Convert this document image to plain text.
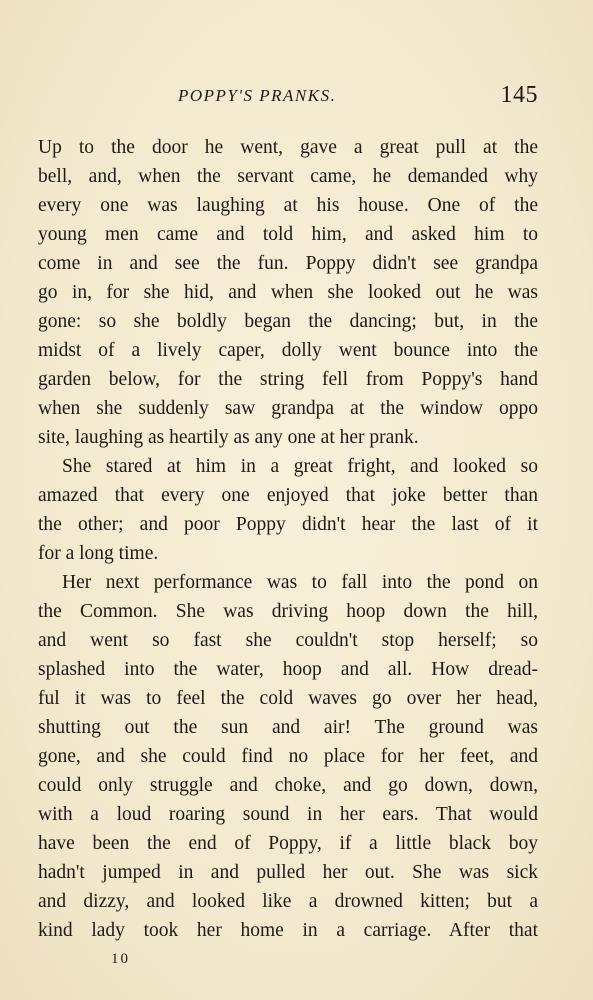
POPPY'S PRANKS.	145
Up to the door he went, gave a great pull at the
bell, and, when the servant came, he demanded why
every one was laughing at his house. One of the
young men came and told him, and asked him to
come in and see the fun. Poppy didn't see grandpa
go in, for she hid, and when she looked out he was
gone: so she boldly began the dancing; but, in the
midst of a lively caper, dolly went bounce into the
garden below, for the string fell from Poppy's hand
when she suddenly saw grandpa at the window oppo
site, laughing as heartily as any one at her prank.
She stared at him in a great fright, and looked so
amazed that every one enjoyed that joke better than
the other; and poor Poppy didn't hear the last of it
for a long time.
Her next performance was to fall into the pond on
the Common. She was driving hoop down the hill,
and went so fast she couldn't stop herself; so
splashed into the water, hoop and all. How dread-
ful it was to feel the cold waves go over her head,
shutting out the sun and air! The ground was
gone, and she could find no place for her feet, and
could only struggle and choke, and go down, down,
with a loud roaring sound in her ears. That would
have been the end of Poppy, if a little black boy
hadn't jumped in and pulled her out. She was sick
and dizzy, and looked like a drowned kitten; but a
kind lady took her home in a carriage. After that
10
